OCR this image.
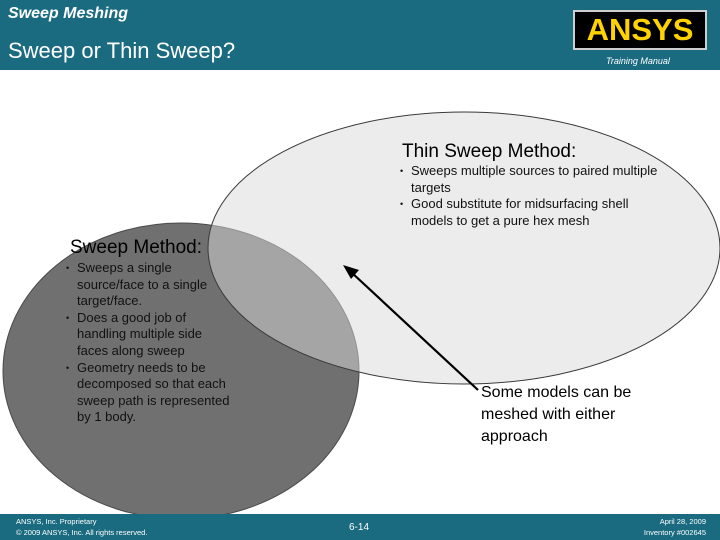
Sweep Meshing
Sweep or Thin Sweep?
ANSYS
Training Manual
Thin Sweep Method:
• Sweeps multiple sources to paired multiple targets
• Good substitute for midsurfacing shell models to get a pure hex mesh
Sweep Method:
• Sweeps a single source/face to a single target/face.
• Does a good job of handling multiple side faces along sweep
• Geometry needs to be decomposed so that each sweep path is represented by 1 body.
Some models can be meshed with either approach
ANSYS, Inc. Proprietary
© 2009 ANSYS, Inc. All rights reserved.	6-14
April 28, 2009
Inventory #002645
